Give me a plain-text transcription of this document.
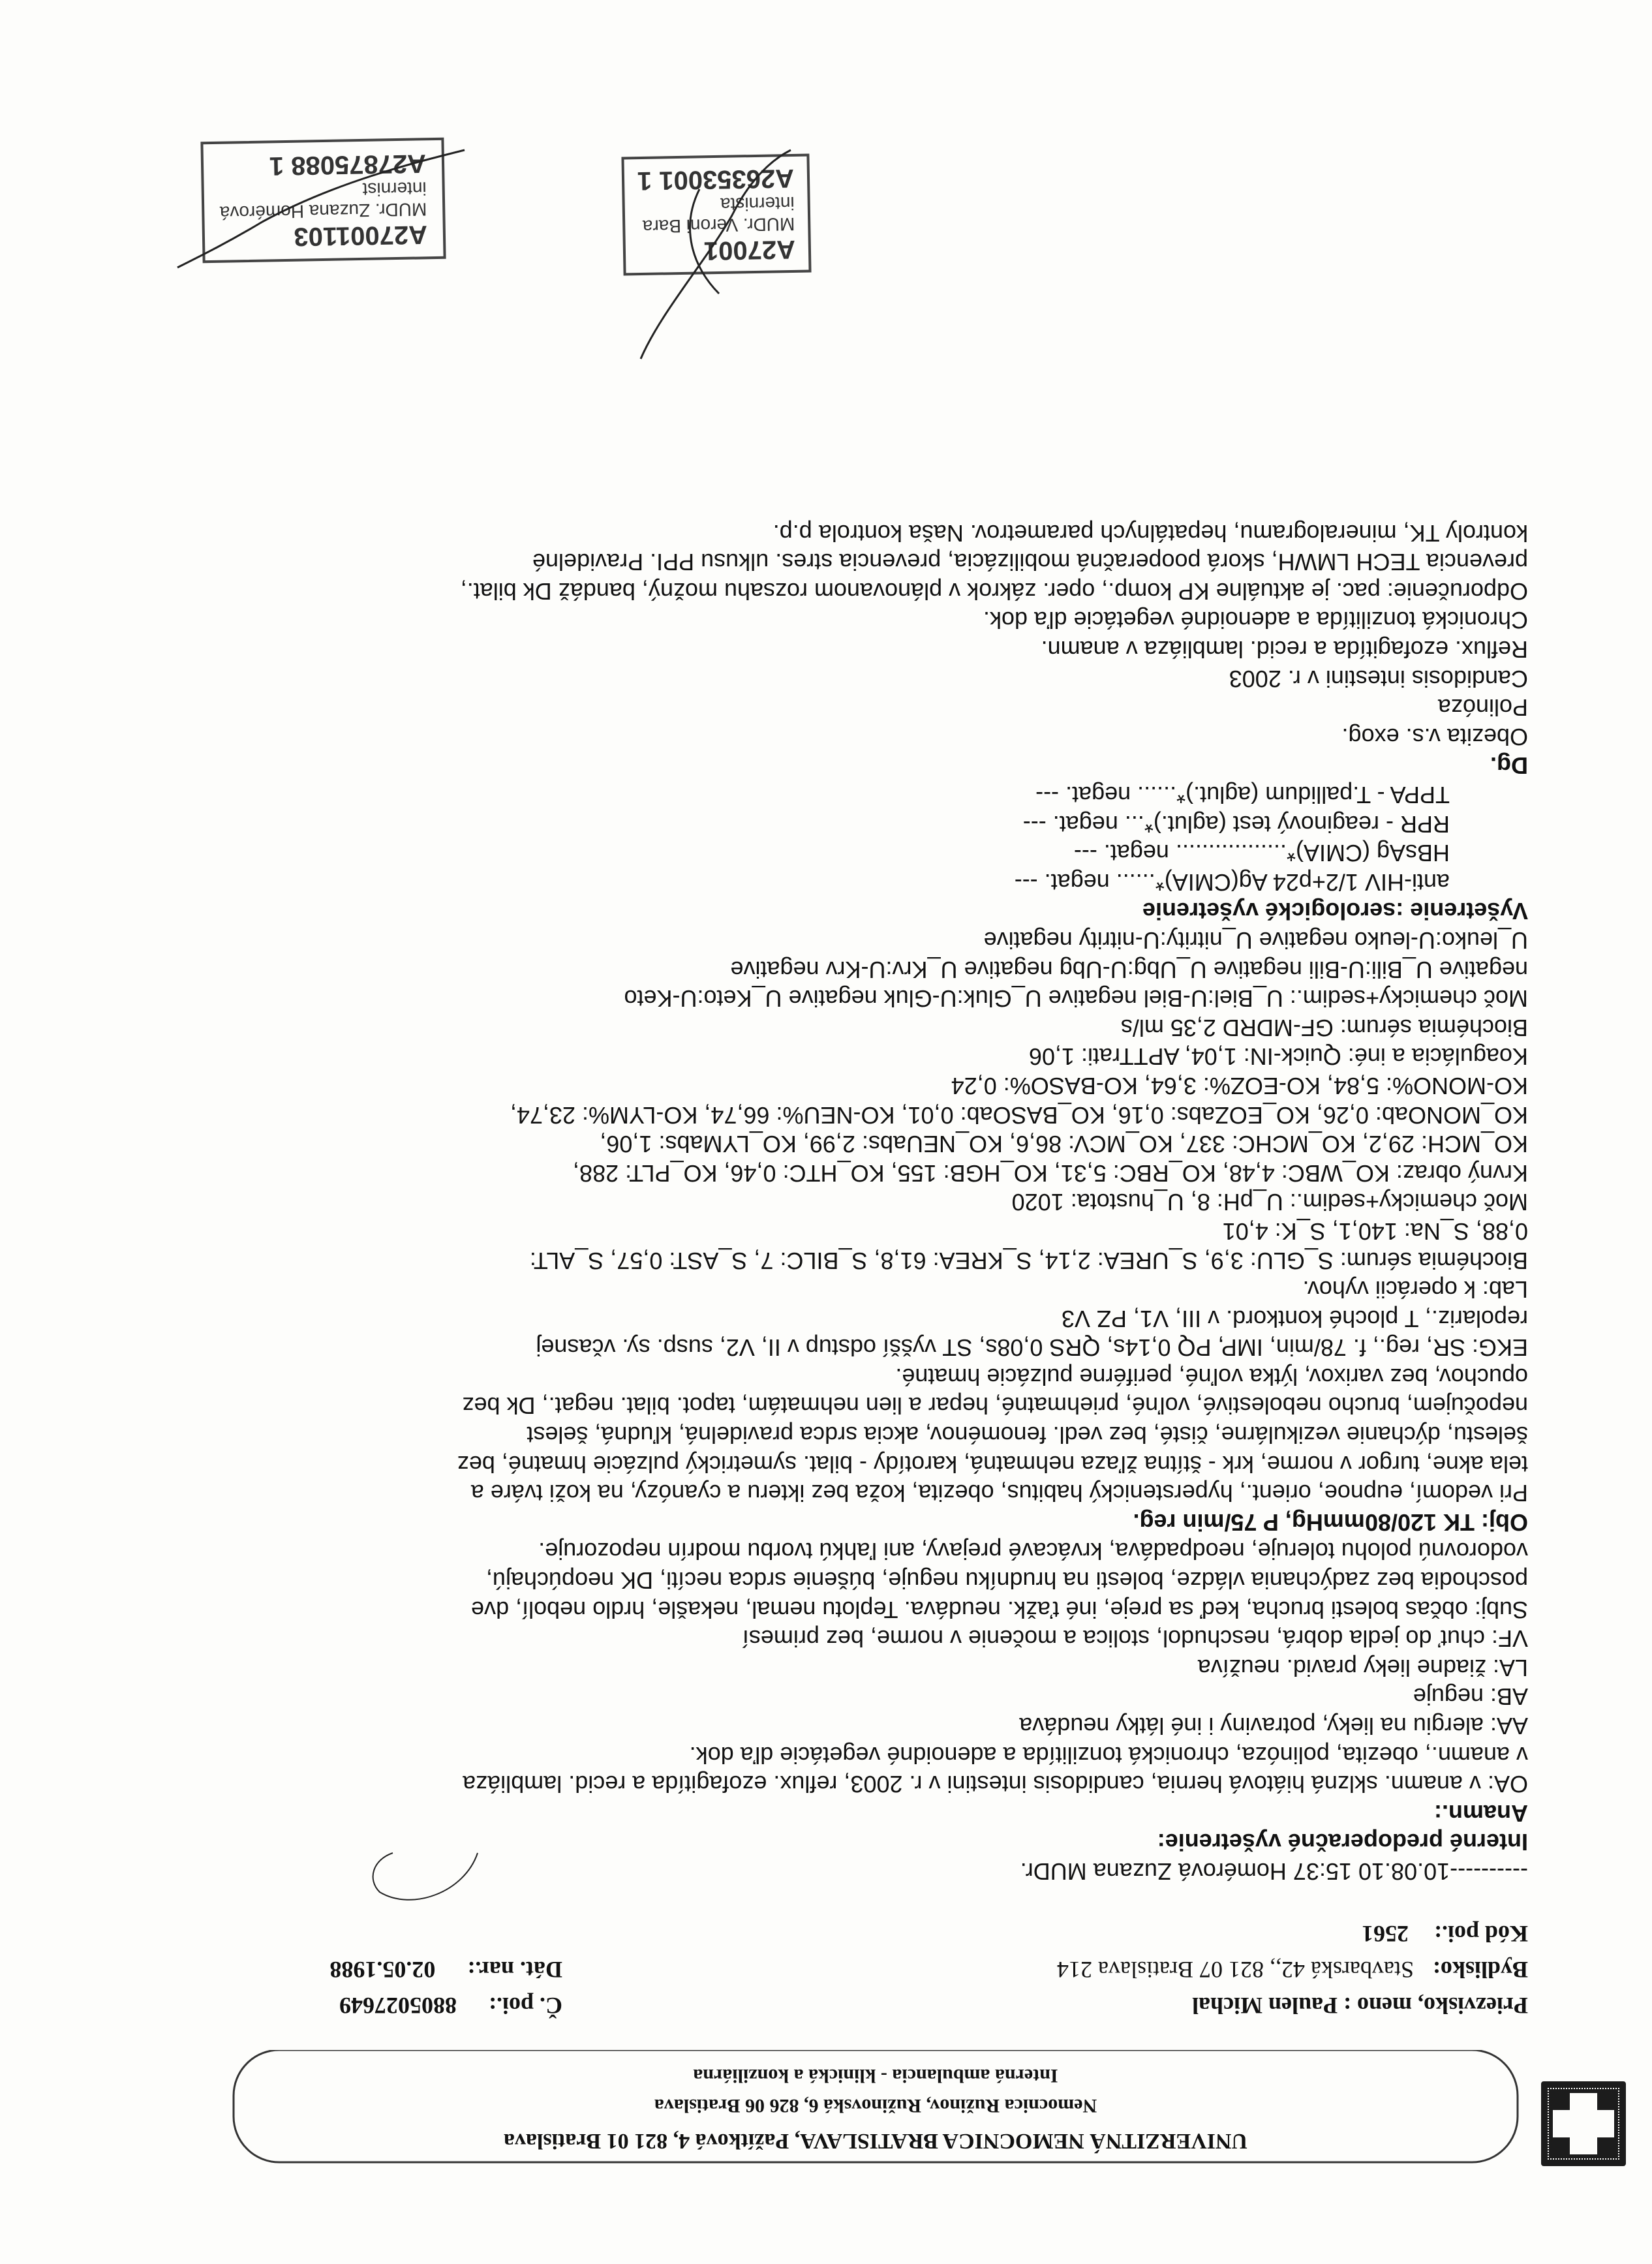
UNIVERZITNÁ NEMOCNICA BRATISLAVA, Pažítková 4, 821 01 Bratislava
Nemocnica Ružinov, Ružinovská 6, 826 06 Bratislava
Interná ambulancia - klinická a konziliárna
Priezvisko, meno : Paulen Michal
Č. poi.: 8805027649
Bydlisko: Stavbarská 42,, 821 07 Bratislava 214
Dát. nar.: 02.05.1988
Kód poi.: 2561

----------10.08.10 15:37 Homérová Zuzana MUDr.

Interné predoperačné vyšetrenie:

Anamn.:

OA: v anamn. sklzná hiátová hernia, candidosis intestini v r. 2003, reflux. ezofagitída a recid. lambliáza

v anamn., obezita, polinóza, chronická tonzilitída a adenoidné vegetácie dľa dok.

AA: alergiu na lieky, potraviny i iné látky neudáva

AB: neguje

LA: žiadne lieky pravid. neužíva

VF: chuť do jedla dobrá, neschudol, stolica a močenie v norme, bez primesí

Subj: občas bolesti brucha, keď sa preje, iné ťažk. neudáva. Teplotu nemal, nekašle, hrdlo nebolí, dve

poschodia bez zadýchania vládze, bolesti na hrudníku neguje, búšenie srdca necíti, DK neopúchajú,

vodorovnú polohu toleruje, neodpadáva, krvácavé prejavy, ani ľahkú tvorbu modrín nepozoruje.

Obj: TK 120/80mmHg, P 75/min reg.

Pri vedomí, eupnoe, orient., hyperstenický habitus, obezita, koža bez ikteru a cyanózy, na koži tváre a

tela akne, turgor v norme, krk - štítna žľaza nehmatná, karotídy - bilat. symetrický pulzácie hmatné, bez

šelestu, dýchanie vezikulárne, čisté, bez vedl. fenoménov, akcia srdca pravidelná, kľudná, šelest

nepočujem, brucho nebolestivé, voľné, priehmatné, hepar a lien nehmatám, tapot. bilat. negat., Dk bez

opuchov, bez varixov, lýtka voľné, periférne pulzácie hmatné.

EKG: SR, reg., f. 78/min, IMP, PQ 0,14s, QRS 0,08s, ST vyšší odstup v II, V2, susp. sy. včasnej

repolariz., T ploché kontkord. v III, V1, PZ V3

Lab: k operácii vyhov.

Biochémia sérum: S_GLU: 3,9, S_UREA: 2,14, S_KREA: 61,8, S_BILC: 7, S_AST: 0,57, S_ALT:

0,88, S_Na: 140,1, S_K: 4,01

Moč chemicky+sedim.: U_pH: 8, U_hustota: 1020

Krvný obraz: KO_WBC: 4,48, KO_RBC: 5,31, KO_HGB: 155, KO_HTC: 0,46, KO_PLT: 288,

KO_MCH: 29,2, KO_MCHC: 337, KO_MCV: 86,6, KO_NEUabs: 2,99, KO_LYMabs: 1,06,

KO_MONOab: 0,26, KO_EOZabs: 0,16, KO_BASOab: 0,01, KO-NEU%: 66,74, KO-LYM%: 23,74,

KO-MONO%: 5,84, KO-EOZ%: 3,64, KO-BASO%: 0,24

Koagulácia a iné: Quick-IN: 1,04, APTTrati: 1,06

Biochémia sérum: GF-MDRD 2,35 ml/s

Moč chemicky+sedim.: U_Biel:U-Biel negative U_Gluk:U-Gluk negative U_Keto:U-Keto

negative U_Bili:U-Bili negative U_Ubg:U-Ubg negative U_Krv:U-Krv negative

U_leuko:U-leuko negative U_nitrity:U-nitrity negative

Vyšetrenie :serologické vyšetrenie

anti-HIV 1/2+p24 Ag(CMIA)*...... negat. ---

HBsAg (CMIA)*................. negat. ---

RPR - reaginový test (aglut.)*... negat. ---

TPPA - T.pallidum (aglut.)*...... negat. ---

Dg.

Obezita v.s. exog.

Polinóza

Candidosis intestini v r. 2003

Reflux. ezofagitída a recid. lambliáza v anamn.

Chronická tonzilitída a adenoidné vegetácie dľa dok.

Odporučenie: pac. je aktuálne KP komp., oper. zákrok v plánovanom rozsahu možný, bandáž Dk bilat.,

prevencia TECH LMWH, skorá pooperačná mobilizácia, prevencia stres. ulkusu PPI. Pravidelné

kontroly TK, mineralogramu, hepatálnych parametrov. Naša kontrola p.p.

A27001

MUDr. Veroni Bara

internista

A26353001 1

A27001103

MUDr. Zuzana Homérová

internist

A27875088 1
